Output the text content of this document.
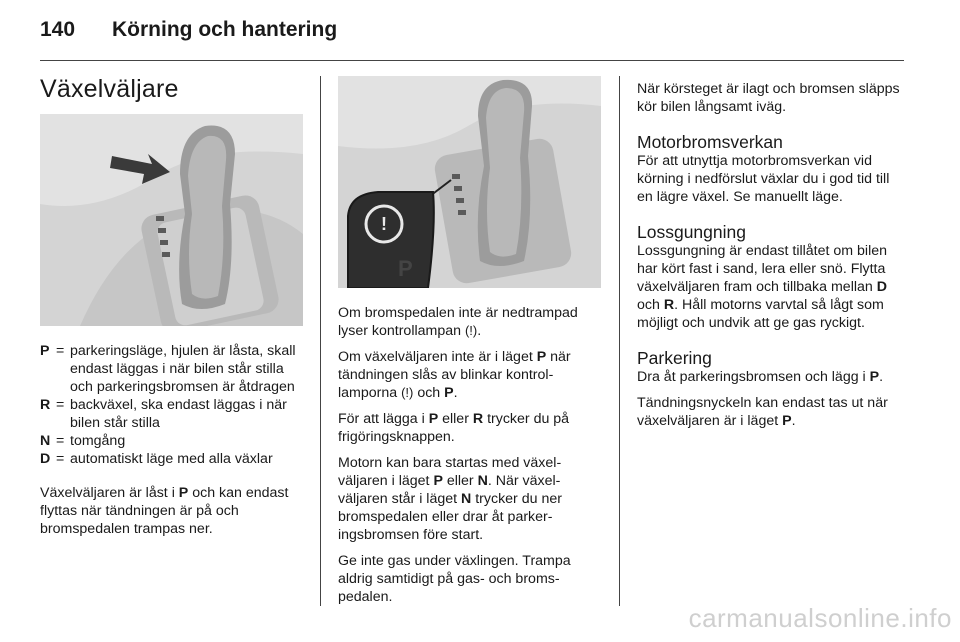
140 Körning och hantering
Växelväljare
P = parkeringsläge, hjulen är låsta, skall endast läggas i när bilen står stilla och parkeringsbromsen är åtdragen
R = backväxel, ska endast läggas i när bilen står stilla
N = tomgång
D = automatiskt läge med alla växlar

Växelväljaren är låst i P och kan endast flyttas när tändningen är på och bromspedalen trampas ner.

!
P

Om bromspedalen inte är nedtrampad lyser kontrollampan (!).

Om växelväljaren inte är i läget P när tändningen slås av blinkar kontrollamporna (!) och P.

För att lägga i P eller R trycker du på frigöringsknappen.

Motorn kan bara startas med växelväljaren i läget P eller N. När växelväljaren står i läget N trycker du ner bromspedalen eller drar åt parkeringsbromsen före start.

Ge inte gas under växlingen. Trampa aldrig samtidigt på gas- och bromspedalen.

När körsteget är ilagt och bromsen släpps kör bilen långsamt iväg.

Motorbromsverkan

För att utnyttja motorbromsverkan vid körning i nedförslut växlar du i god tid till en lägre växel. Se manuellt läge.

Lossgungning

Lossgungning är endast tillåtet om bilen har kört fast i sand, lera eller snö. Flytta växelväljaren fram och tillbaka mellan D och R. Håll motorns varvtal så lågt som möjligt och undvik att ge gas ryckigt.

Parkering

Dra åt parkeringsbromsen och lägg i P.

Tändningsnyckeln kan endast tas ut när växelväljaren är i läget P.

carmanualsonline.info
